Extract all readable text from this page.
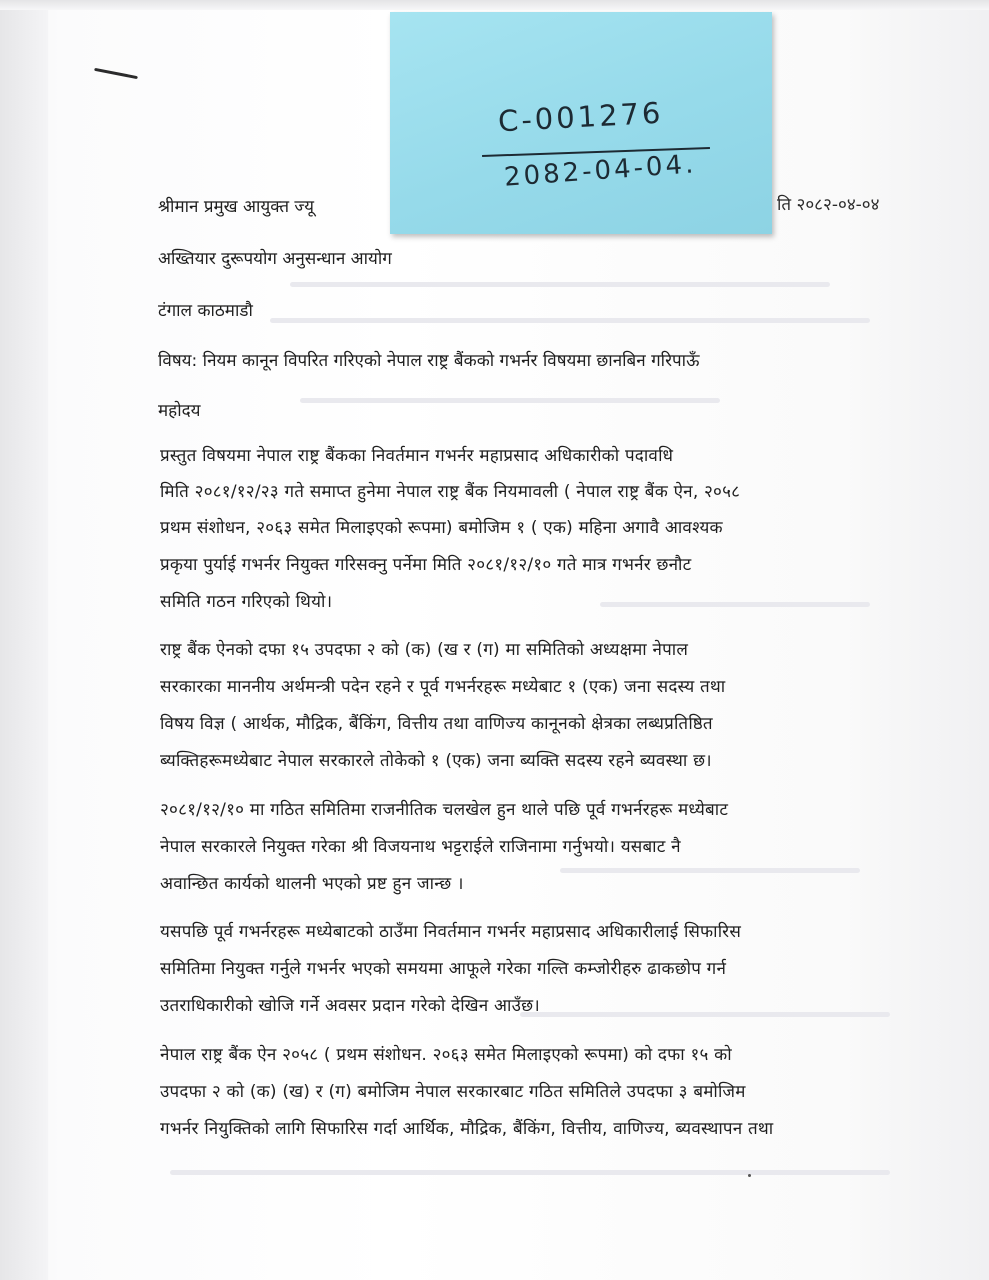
ति २०८२-०४-०४
श्रीमान प्रमुख आयुक्त ज्यू
अख्तियार दुरूपयोग अनुसन्धान आयोग
टंगाल काठमाडौ
विषय: नियम कानून विपरित गरिएको नेपाल राष्ट्र बैंकको गभर्नर विषयमा छानबिन गरिपाऊँ
महोदय
प्रस्तुत विषयमा नेपाल राष्ट्र बैंकका निवर्तमान गभर्नर महाप्रसाद अधिकारीको पदावधि
मिति २०८१/१२/२३ गते समाप्त हुनेमा नेपाल राष्ट्र बैंक नियमावली ( नेपाल राष्ट्र बैंक ऐन, २०५८
प्रथम संशोधन, २०६३ समेत मिलाइएको रूपमा) बमोजिम १ ( एक) महिना अगावै आवश्यक
प्रकृया पुर्याई गभर्नर नियुक्त गरिसक्नु पर्नेमा मिति २०८१/१२/१० गते मात्र गभर्नर छनौट
समिति गठन गरिएको थियो।
राष्ट्र बैंक ऐनको दफा १५ उपदफा २ को (क) (ख र (ग) मा समितिको अध्यक्षमा नेपाल
सरकारका माननीय अर्थमन्त्री पदेन रहने र पूर्व गभर्नरहरू मध्येबाट १ (एक) जना सदस्य तथा
विषय विज्ञ ( आर्थक, मौद्रिक, बैंकिंग, वित्तीय तथा वाणिज्य कानूनको क्षेत्रका लब्धप्रतिष्ठित
ब्यक्तिहरूमध्येबाट नेपाल सरकारले तोकेको १ (एक) जना ब्यक्ति सदस्य रहने ब्यवस्था छ।
२०८१/१२/१० मा गठित समितिमा राजनीतिक चलखेल हुन थाले पछि पूर्व गभर्नरहरू मध्येबाट
नेपाल सरकारले नियुक्त गरेका श्री विजयनाथ भट्टराईले राजिनामा गर्नुभयो। यसबाट नै
अवान्छित कार्यको थालनी भएको प्रष्ट हुन जान्छ ।
यसपछि पूर्व गभर्नरहरू मध्येबाटको ठाउँमा निवर्तमान गभर्नर महाप्रसाद अधिकारीलाई सिफारिस
समितिमा नियुक्त गर्नुले गभर्नर भएको समयमा आफूले गरेका गल्ति कम्जोरीहरु ढाकछोप गर्न
उतराधिकारीको खोजि गर्ने अवसर प्रदान गरेको देखिन आउँछ।
नेपाल राष्ट्र बैंक ऐन २०५८ ( प्रथम संशोधन. २०६३ समेत मिलाइएको रूपमा) को दफा १५ को
उपदफा २ को (क) (ख) र (ग) बमोजिम नेपाल सरकारबाट गठित समितिले उपदफा ३ बमोजिम
गभर्नर नियुक्तिको लागि सिफारिस गर्दा आर्थिक, मौद्रिक, बैंकिंग, वित्तीय, वाणिज्य, ब्यवस्थापन तथा
C-001276
2082-04-04.
